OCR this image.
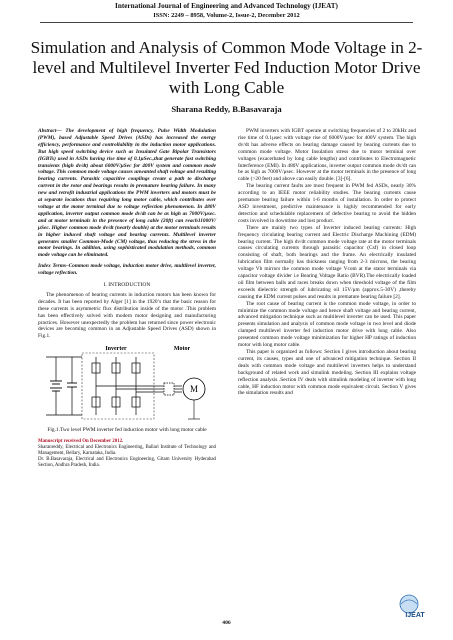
International Journal of Engineering and Advanced Technology (IJEAT)
ISSN: 2249 – 8958, Volume-2, Issue-2, December 2012
Simulation and Analysis of Common Mode Voltage in 2-level and Multilevel Inverter Fed Induction Motor Drive with Long Cable
Sharana Reddy, B.Basavaraja
Abstract— The development of high frequency, Pulse Width Modulation (PWM), based Adjustable Speed Drives (ASDs) has increased the energy efficiency, performance and controllability in the induction motor applications. But high speed switching device such as Insulated Gate Bipolar Transistors (IGBTs) used in ASDs having rise time of 0.1μSec.,that generate fast switching transients (high dv/dt) about 6000V/μSec for 400V system and common mode voltage. This common mode voltage causes unwanted shaft voltage and resulting bearing currents. Parasitic capacitive couplings create a path to discharge current in the rotor and bearings results in premature bearing failure. In many new and retrofit industrial applications the PWM inverters and motors must be at separate locations thus requiring long motor cable, which contributes over voltage at the motor terminal due to voltage reflection phenomenon. In 480V application, inverter output common mode dv/dt can be as high as 7000V/μsec. and at motor terminals in the presence of long cable (20ft) can reach11000V/μSec. Higher common mode dv/dt (nearly double) at the motor terminals results in higher induced shaft voltage and bearing currents. Multilevel inverter generates smaller Common-Mode (CM) voltage, thus reducing the stress in the motor bearings. In addition, using sophisticated modulation methods, common mode voltage can be eliminated.
Index Terms–Common mode voltage, induction motor drive, multilevel inverter, voltage reflection.
I. INTRODUCTION

The phenomenon of bearing currents in induction motors has been known for decades. It has been reported by Alger [1] in the 1920’s that the basic reason for these currents is asymmetric flux distribution inside of the motor .This problem has been effectively solved with modern motor designing and manufacturing practices. However unexpectedly the problem has returned since power electronic devices are becoming common in an Adjustable Speed Drives (ASD) shown in Fig.1.

Inverter	Motor
M
Fig.1.Two level PWM inverter fed induction motor with long motor cable
Manuscript received On December 2012.
Sharanreddy, Electrical and Electronics Engineering, Ballari Institute of Technology and Management, Bellary, Karnataka, India.
Dr. B.Basavaraja, Electrical and Electronics Engineering, Gitam University Hyderabad Section, Andhra Pradesh, India.

PWM inverters with IGBT operate at switching frequencies of 2 to 20kHz and rise time of 0.1μsec with voltage rise of 6000V/μsec for 400V system. The high dv/dt has adverse effects on bearing damage caused by bearing currents due to common mode voltage. Motor Insulation stress due to motor terminal over voltages (exacerbated by long cable lengths) and contributes to Electromagnetic Interference (EMI). In 480V applications, inverter output common mode dv/dt can be as high as 7000V/μsec. However at the motor terminals in the presence of long cable (>20 feet) and above can easily double. [3]-[6].

The bearing current faults are most frequent in PWM fed ASDs, nearly 30% according to an IEEE motor reliability studies. The bearing currents cause premature bearing failure within 1-6 months of installation. In order to protect ASD investment, predictive maintenance is highly recommended for early detection and schedulable replacement of defective bearing to avoid the hidden costs involved in downtime and lost product.

There are mainly two types of Inverter induced bearing currents: High frequency circulating bearing current and Electric Discharge Machining (EDM) bearing current. The high dv/dt common mode voltage rate at the motor terminals causes circulating currents through parasitic capacitor (Csf) in closed loop consisting of shaft, both bearings and the frame. An electrically insulated lubrication film normally has thickness ranging from 2-3 microns, the bearing voltage Vb mirrors the common mode voltage Vcom at the stator terminals via capacitor voltage divider i.e Bearing Voltage Ratio (BVR).The electrically loaded oil film between balls and races breaks down when threshold voltage of the film exceeds dielectric strength of lubricating oil 15V/μm (approx.5-30V) ,thereby causing the EDM current pulses and results in premature bearing failure [2].

The root cause of bearing current is the common mode voltage, in order to minimize the common mode voltage and hence shaft voltage and bearing current, advanced mitigation technique such as multilevel inverter can be used. This paper presents simulation and analysis of common mode voltage in two level and diode clamped multilevel inverter fed induction motor drive with long cable. Also presented common mode voltage minimization for higher HP ratings of induction motor with long motor cable.

This paper is organized as follows: Section I gives introduction about bearing current, its causes, types and one of advanced mitigation technique. Section II deals with common mode voltage and multilevel inverters helps to understand background of related work and simulink modeling. Section III explains voltage reflection analysis .Section IV deals with simulink modeling of inverter with long cable, HF induction motor with common mode equivalent circuit. Section V gives the simulation results and

406
IJEAT
